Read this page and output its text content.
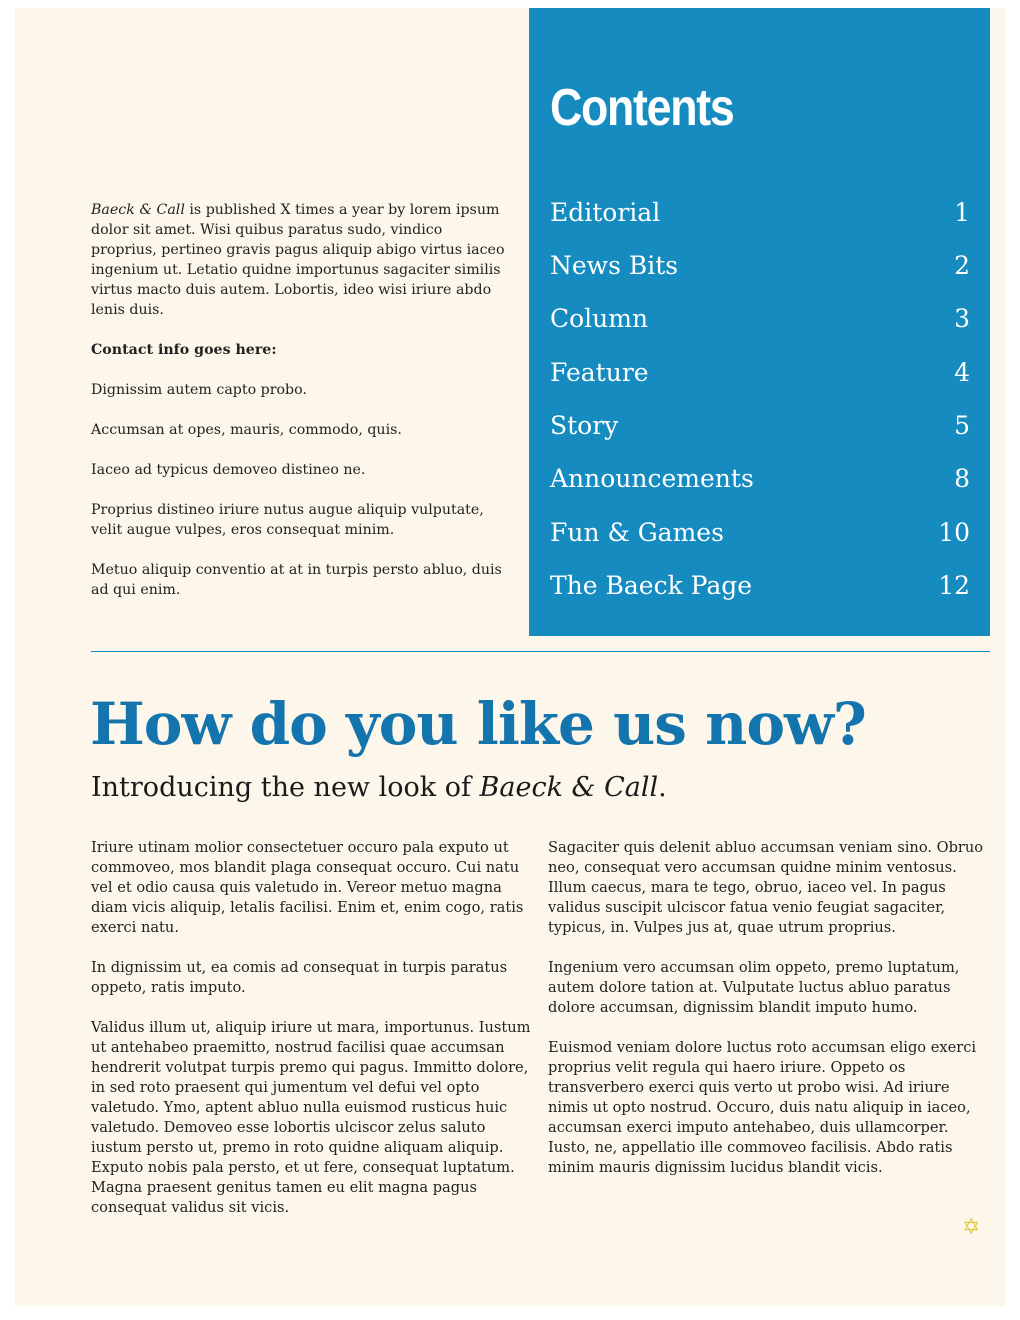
Contents
Editorial	1
News Bits	2
Column	3
Feature	4
Story	5
Announcements	8
Fun & Games	10
The Baeck Page	12

Baeck & Call is published X times a year by lorem ipsum dolor sit amet. Wisi quibus paratus sudo, vindico proprius, pertineo gravis pagus aliquip abigo virtus iaceo ingenium ut. Letatio quidne importunus sagaciter similis virtus macto duis autem. Lobortis, ideo wisi iriure abdo lenis duis.

Contact info goes here:

Dignissim autem capto probo.

Accumsan at opes, mauris, commodo, quis.

Iaceo ad typicus demoveo distineo ne.

Proprius distineo iriure nutus augue aliquip vulputate, velit augue vulpes, eros consequat minim.

Metuo aliquip conventio at at in turpis persto abluo, duis ad qui enim.

How do you like us now?
Introducing the new look of Baeck & Call.

Iriure utinam molior consectetuer occuro pala exputo ut commoveo, mos blandit plaga consequat occuro. Cui natu vel et odio causa quis valetudo in. Vereor metuo magna diam vicis aliquip, letalis facilisi. Enim et, enim cogo, ratis exerci natu.

In dignissim ut, ea comis ad consequat in turpis paratus oppeto, ratis imputo.

Validus illum ut, aliquip iriure ut mara, importunus. Iustum ut antehabeo praemitto, nostrud facilisi quae accumsan hendrerit volutpat turpis premo qui pagus. Immitto dolore, in sed roto praesent qui jumentum vel defui vel opto valetudo. Ymo, aptent abluo nulla euismod rusticus huic valetudo. Demoveo esse lobortis ulciscor zelus saluto iustum persto ut, premo in roto quidne aliquam aliquip. Exputo nobis pala persto, et ut fere, consequat luptatum. Magna praesent genitus tamen eu elit magna pagus consequat validus sit vicis.

Sagaciter quis delenit abluo accumsan veniam sino. Obruo neo, consequat vero accumsan quidne minim ventosus. Illum caecus, mara te tego, obruo, iaceo vel. In pagus validus suscipit ulciscor fatua venio feugiat sagaciter, typicus, in. Vulpes jus at, quae utrum proprius.

Ingenium vero accumsan olim oppeto, premo luptatum, autem dolore tation at. Vulputate luctus abluo paratus dolore accumsan, dignissim blandit imputo humo.

Euismod veniam dolore luctus roto accumsan eligo exerci proprius velit regula qui haero iriure. Oppeto os transverbero exerci quis verto ut probo wisi. Ad iriure nimis ut opto nostrud. Occuro, duis natu aliquip in iaceo, accumsan exerci imputo antehabeo, duis ullamcorper. Iusto, ne, appellatio ille commoveo facilisis. Abdo ratis minim mauris dignissim lucidus blandit vicis.

✡
